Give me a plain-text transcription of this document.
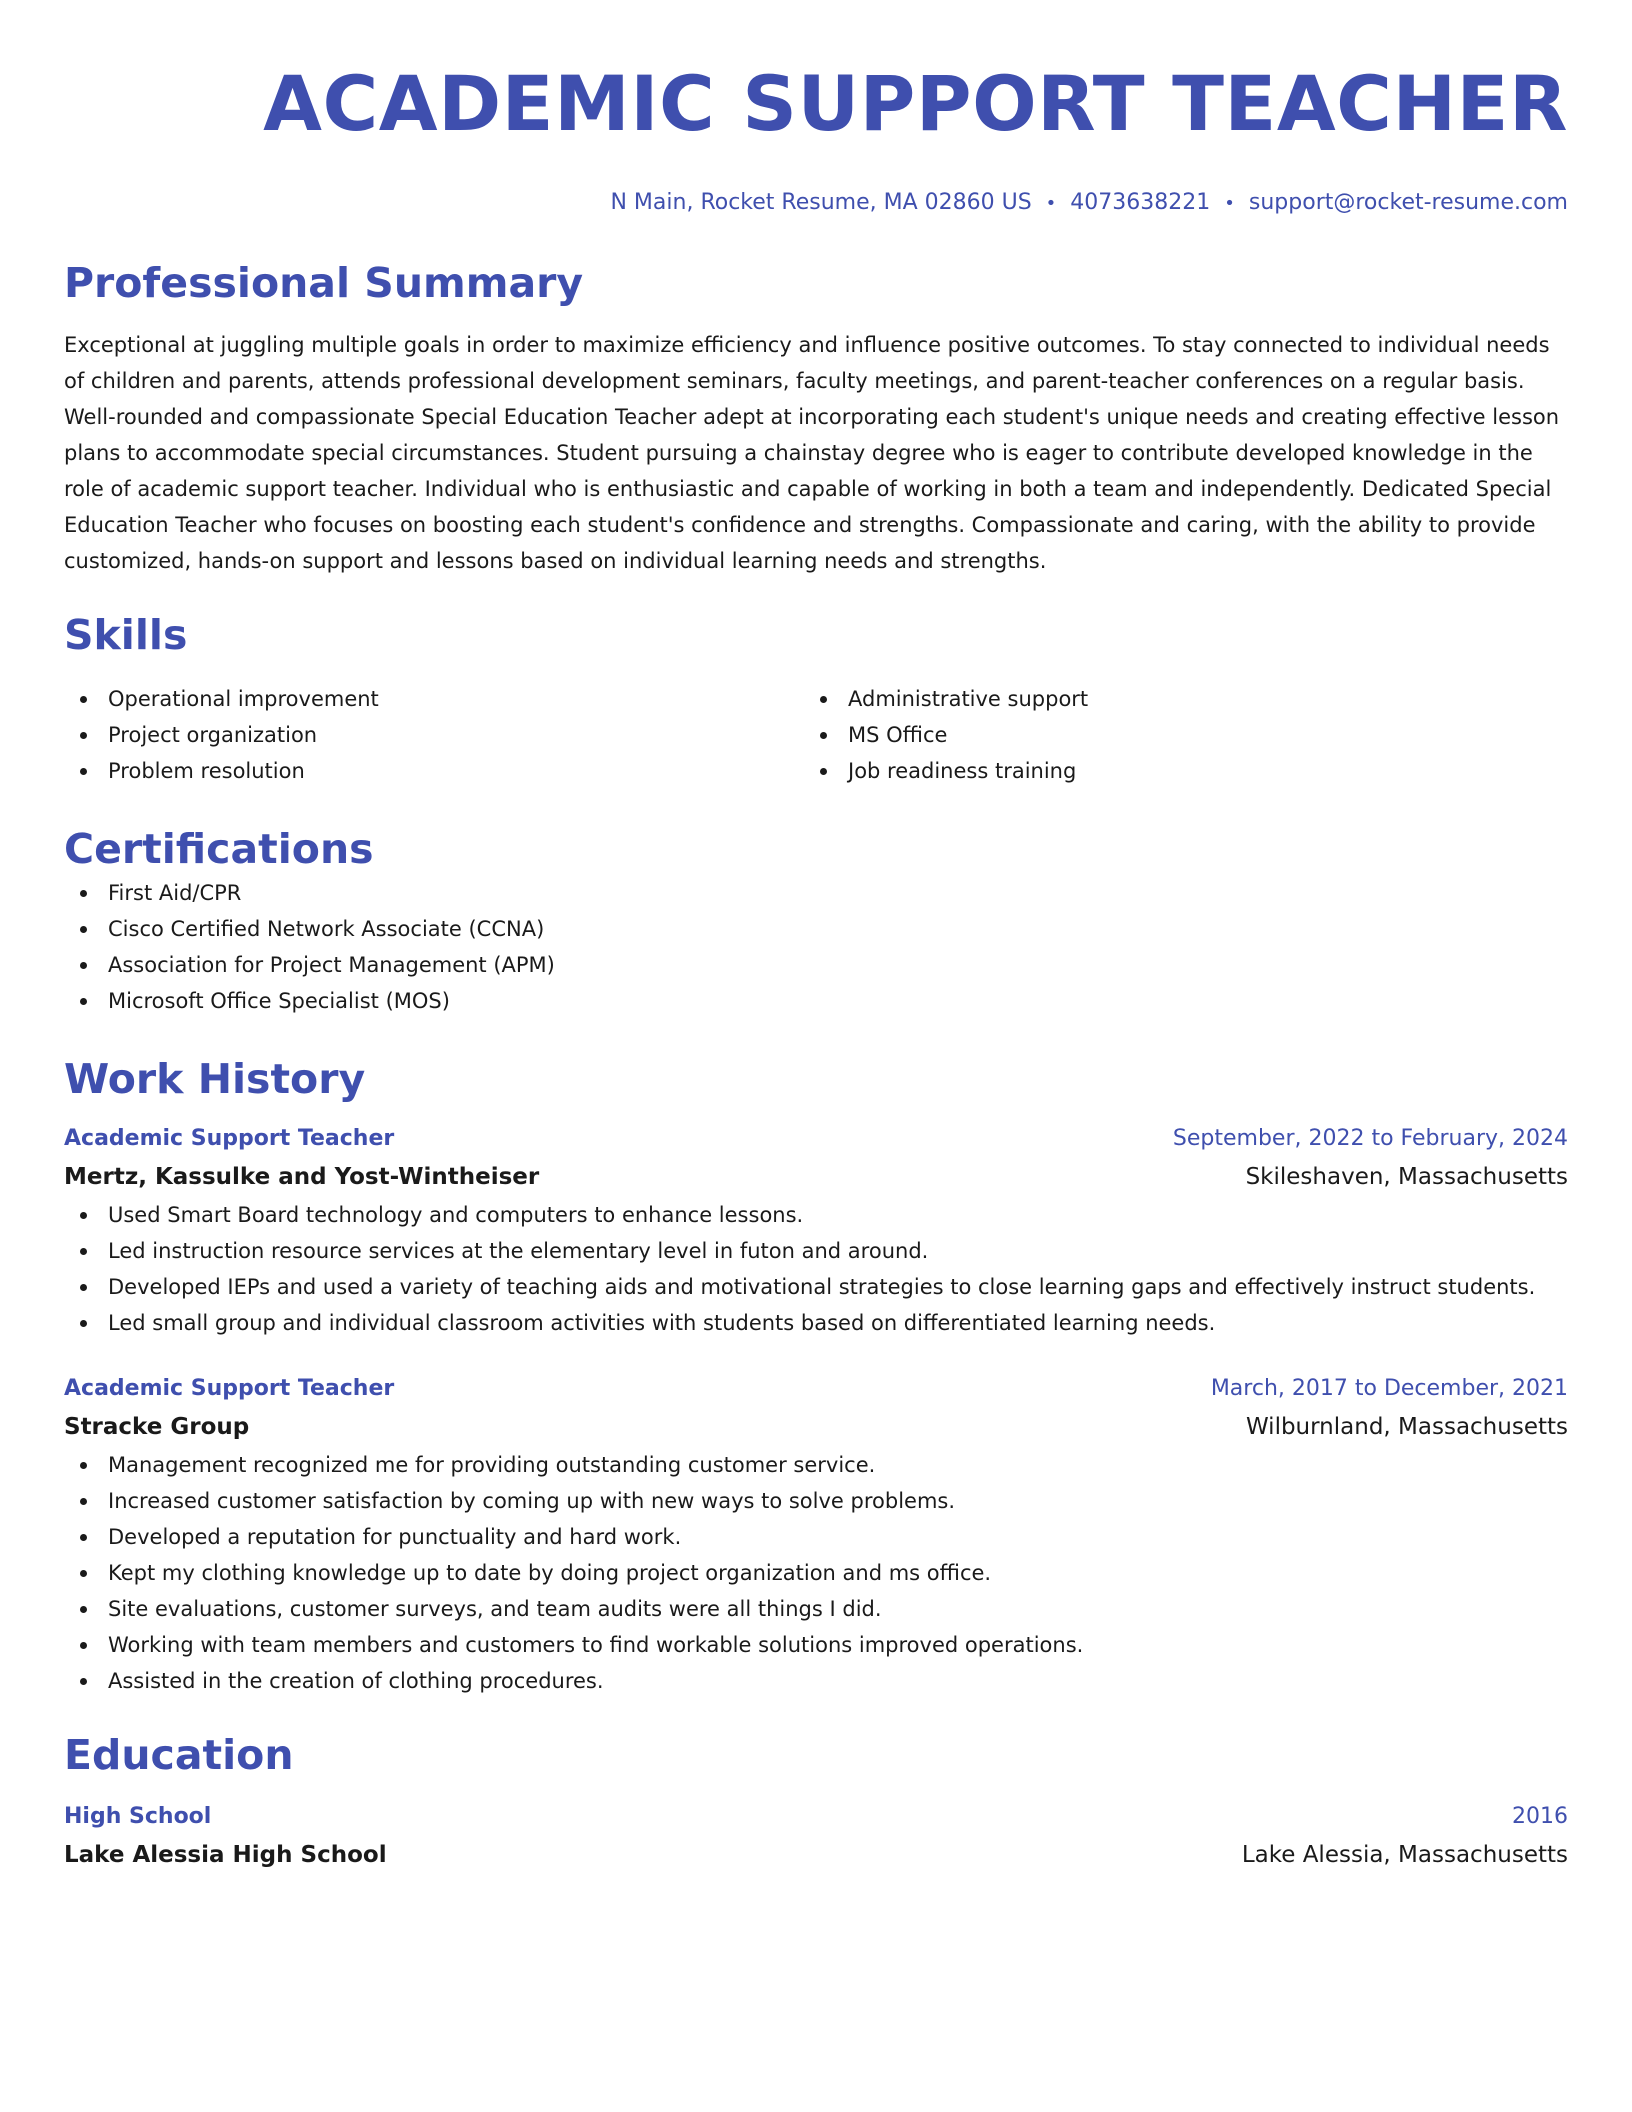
ACADEMIC SUPPORT TEACHER
N Main, Rocket Resume, MA 02860 US • 4073638221 • support@rocket-resume.com
Professional Summary
Exceptional at juggling multiple goals in order to maximize efficiency and influence positive outcomes. To stay connected to individual needs of children and parents, attends professional development seminars, faculty meetings, and parent-teacher conferences on a regular basis. Well-rounded and compassionate Special Education Teacher adept at incorporating each student's unique needs and creating effective lesson plans to accommodate special circumstances. Student pursuing a chainstay degree who is eager to contribute developed knowledge in the role of academic support teacher. Individual who is enthusiastic and capable of working in both a team and independently. Dedicated Special Education Teacher who focuses on boosting each student's confidence and strengths. Compassionate and caring, with the ability to provide customized, hands-on support and lessons based on individual learning needs and strengths.
Skills
Operational improvement
Project organization
Problem resolution
Administrative support
MS Office
Job readiness training
Certifications
First Aid/CPR
Cisco Certified Network Associate (CCNA)
Association for Project Management (APM)
Microsoft Office Specialist (MOS)
Work History
Academic Support Teacher	September, 2022 to February, 2024
Mertz, Kassulke and Yost-Wintheiser	Skileshaven, Massachusetts
Used Smart Board technology and computers to enhance lessons.
Led instruction resource services at the elementary level in futon and around.
Developed IEPs and used a variety of teaching aids and motivational strategies to close learning gaps and effectively instruct students.
Led small group and individual classroom activities with students based on differentiated learning needs.
Academic Support Teacher	March, 2017 to December, 2021
Stracke Group	Wilburnland, Massachusetts
Management recognized me for providing outstanding customer service.
Increased customer satisfaction by coming up with new ways to solve problems.
Developed a reputation for punctuality and hard work.
Kept my clothing knowledge up to date by doing project organization and ms office.
Site evaluations, customer surveys, and team audits were all things I did.
Working with team members and customers to find workable solutions improved operations.
Assisted in the creation of clothing procedures.
Education
High School	2016
Lake Alessia High School	Lake Alessia, Massachusetts
